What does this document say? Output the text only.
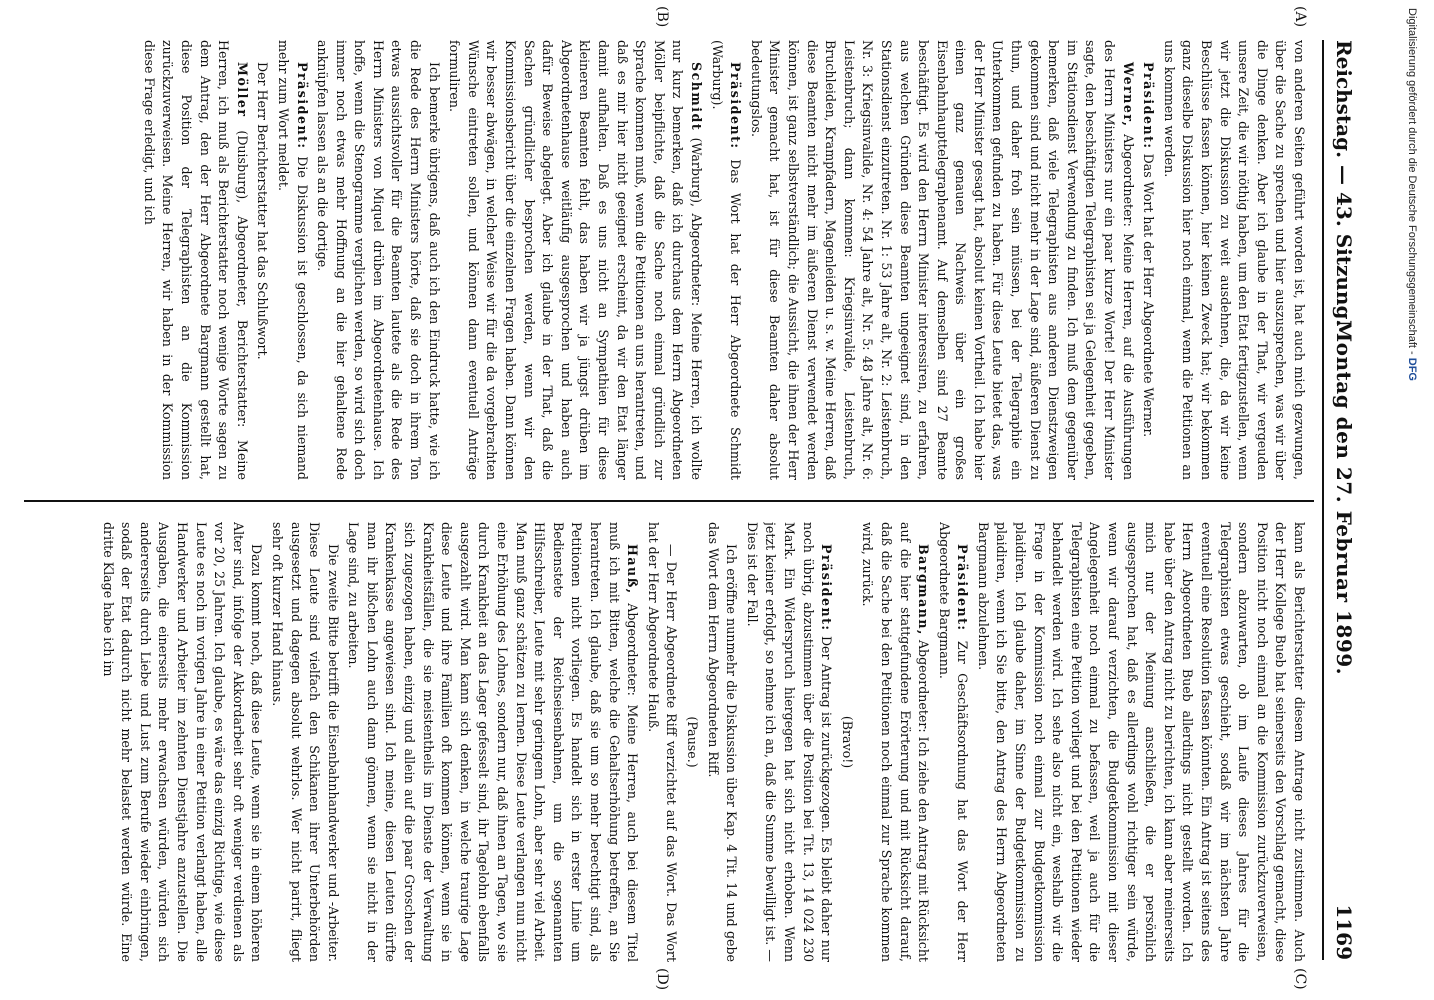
Reichstag. — 43. Sitzung.
Montag den 27. Februar 1899.
1169
(A)
(B)
(C)
(D)

von anderen Seiten geführt worden ist, hat auch mich gezwungen, über die Sache zu sprechen und hier auszusprechen, was wir über die Dinge denken. Aber ich glaube in der That, wir vergeuden unsere Zeit, die wir nöthig haben, um den Etat fertigzustellen, wenn wir jetzt die Diskussion zu weit ausdehnen, die, da wir keine Beschlüsse fassen können, hier keinen Zweck hat; wir bekommen ganz dieselbe Diskussion hier noch einmal, wenn die Petitionen an uns kommen werden.

Präsident: Das Wort hat der Herr Abgeordnete Werner.

Werner, Abgeordneter: Meine Herren, auf die Ausführungen des Herrn Ministers nur ein paar kurze Worte! Der Herr Minister sagte, den beschäftigten Telegraphisten sei ja Gelegenheit gegeben, im Stationsdienst Verwendung zu finden. Ich muß dem gegenüber bemerken, daß viele Telegraphisten aus anderen Dienstzweigen gekommen sind und nicht mehr in der Lage sind, äußeren Dienst zu thun, und daher froh sein müssen, bei der Telegraphie ein Unterkommen gefunden zu haben. Für diese Leute bietet das, was der Herr Minister gesagt hat, absolut keinen Vortheil. Ich habe hier einen ganz genauen Nachweis über ein großes Eisenbahnhaupttelegraphenamt. Auf demselben sind 27 Beamte beschäftigt. Es wird den Herrn Minister interessiren, zu erfahren, aus welchen Gründen diese Beamten ungeeignet sind, in den Stationsdienst einzutreten. Nr. 1: 53 Jahre alt, Nr. 2: Leistenbruch, Nr. 3: Kriegsinvalide, Nr. 4: 54 Jahre alt, Nr. 5: 48 Jahre alt, Nr. 6: Leistenbruch; dann kommen: Kriegsinvalide, Leistenbruch, Bruchleiden, Krampfadern, Magenleiden u. s. w. Meine Herren, daß diese Beamten nicht mehr im äußeren Dienst verwendet werden können, ist ganz selbstverständlich; die Aussicht, die ihnen der Herr Minister gemacht hat, ist für diese Beamten daher absolut bedeutungslos.

Präsident: Das Wort hat der Herr Abgeordnete Schmidt (Warburg).

Schmidt (Warburg), Abgeordneter: Meine Herren, ich wollte nur kurz bemerken, daß ich durchaus dem Herrn Abgeordneten Möller beipflichte, daß die Sache noch einmal gründlich zur Sprache kommen muß, wenn die Petitionen an uns herantreten, und daß es mir hier nicht geeignet erscheint, da wir den Etat länger damit aufhalten. Daß es uns nicht an Sympathien für diese kleineren Beamten fehlt, das haben wir ja jüngst drüben im Abgeordnetenhause weitläufig ausgesprochen und haben auch dafür Beweise abgelegt. Aber ich glaube in der That, daß die Sachen gründlicher besprochen werden, wenn wir den Kommissionsbericht über die einzelnen Fragen haben. Dann können wir besser abwägen, in welcher Weise wir für die da vorgebrachten Wünsche eintreten sollen, und können dann eventuell Anträge formuliren.

Ich bemerke übrigens, daß auch ich den Eindruck hatte, wie ich die Rede des Herrn Ministers hörte, daß sie doch in ihrem Ton etwas aussichtsvoller für die Beamten lautete als die Rede des Herrn Ministers von Miquel drüben im Abgeordnetenhause. Ich hoffe, wenn die Stenogramme verglichen werden, so wird sich doch immer noch etwas mehr Hoffnung an die hier gehaltene Rede anknüpfen lassen als an die dortige.

Präsident: Die Diskussion ist geschlossen, da sich niemand mehr zum Wort meldet.

Der Herr Berichterstatter hat das Schlußwort.

Möller (Duisburg), Abgeordneter, Berichterstatter: Meine Herren, ich muß als Berichterstatter noch wenige Worte sagen zu dem Antrag, den der Herr Abgeordnete Bargmann gestellt hat, diese Position der Telegraphisten an die Kommission zurückzuverweisen. Meine Herren, wir haben in der Kommission diese Frage erledigt, und ich

kann als Berichterstatter diesem Antrage nicht zustimmen. Auch der Herr Kollege Bueb hat seinerseits den Vorschlag gemacht, diese Position nicht noch einmal an die Kommission zurückzuverweisen, sondern abzuwarten, ob im Laufe dieses Jahres für die Telegraphisten etwas geschieht, sodaß wir im nächsten Jahre eventuell eine Resolution fassen könnten. Ein Antrag ist seitens des Herrn Abgeordneten Bueb allerdings nicht gestellt worden. Ich habe über den Antrag nicht zu berichten, ich kann aber meinerseits mich nur der Meinung anschließen, die er persönlich ausgesprochen hat, daß es allerdings wohl richtiger sein würde, wenn wir darauf verzichten, die Budgetkommission mit dieser Angelegenheit noch einmal zu befassen, weil ja auch für die Telegraphisten eine Petition vorliegt und bei den Petitionen wieder behandelt werden wird. Ich sehe also nicht ein, weshalb wir die Frage in der Kommission noch einmal zur Budgetkommission plaidiren. Ich glaube daher, im Sinne der Budgetkommission zu plaidiren, wenn ich Sie bitte, den Antrag des Herrn Abgeordneten Bargmann abzulehnen.

Präsident: Zur Geschäftsordnung hat das Wort der Herr Abgeordnete Bargmann.

Bargmann, Abgeordneter: Ich ziehe den Antrag mit Rücksicht auf die hier stattgefundene Erörterung und mit Rücksicht darauf, daß die Sache bei den Petitionen noch einmal zur Sprache kommen wird, zurück.

(Bravo!)

Präsident: Der Antrag ist zurückgezogen. Es bleibt daher nur noch übrig, abzustimmen über die Position bei Tit. 13, 14 024 230 Mark. Ein Widerspruch hiergegen hat sich nicht erhoben. Wenn jetzt keiner erfolgt, so nehme ich an, daß die Summe bewilligt ist. — Dies ist der Fall.

Ich eröffne nunmehr die Diskussion über Kap. 4 Tit. 14 und gebe das Wort dem Herrn Abgeordneten Riff.

(Pause.)

— Der Herr Abgeordnete Riff verzichtet auf das Wort. Das Wort hat der Herr Abgeordnete Hauß.

Hauß, Abgeordneter: Meine Herren, auch bei diesem Titel muß ich mit Bitten, welche die Gehaltserhöhung betreffen, an Sie herantreten. Ich glaube, daß sie um so mehr berechtigt sind, als Petitionen nicht vorliegen. Es handelt sich in erster Linie um Bedienstete der Reichseisenbahnen, um die sogenannten Hilfsschreiber, Leute mit sehr geringem Lohn, aber sehr viel Arbeit. Man muß ganz schätzen zu lernen. Diese Leute verlangen nun nicht eine Erhöhung des Lohnes, sondern nur, daß ihnen an Tagen, wo sie durch Krankheit an das Lager gefesselt sind, ihr Tagelohn ebenfalls ausgezahlt wird. Man kann sich denken, in welche traurige Lage diese Leute und ihre Familien oft kommen können, wenn sie in Krankheitsfällen, die sie meistentheils im Dienste der Verwaltung sich zugezogen haben, einzig und allein auf die paar Groschen der Krankenkasse angewiesen sind. Ich meine, diesen Leuten dürfte man ihr bißchen Lohn auch dann gönnen, wenn sie nicht in der Lage sind, zu arbeiten.

Die zweite Bitte betrifft die Eisenbahnhandwerker und -Arbeiter. Diese Leute sind vielfach den Schikanen ihrer Unterbehörden ausgesetzt und dagegen absolut wehrlos. Wer nicht parirt, fliegt sehr oft kurzer Hand hinaus.

Dazu kommt noch, daß diese Leute, wenn sie in einem höheren Alter sind, infolge der Akkordarbeit sehr oft weniger verdienen als vor 20, 25 Jahren. Ich glaube, es wäre das einzig Richtige, wie diese Leute es noch im vorigen Jahre in einer Petition verlangt haben, alle Handwerker und Arbeiter im zehnten Dienstjahre anzustellen. Die Ausgaben, die einerseits mehr erwachsen würden, würden sich andererseits durch Liebe und Lust zum Berufe wieder einbringen, sodaß der Etat dadurch nicht mehr belastet werden würde. Eine dritte Klage habe ich im

Digitalisierung gefördert durch die Deutsche Forschungsgemeinschaft - DFG
